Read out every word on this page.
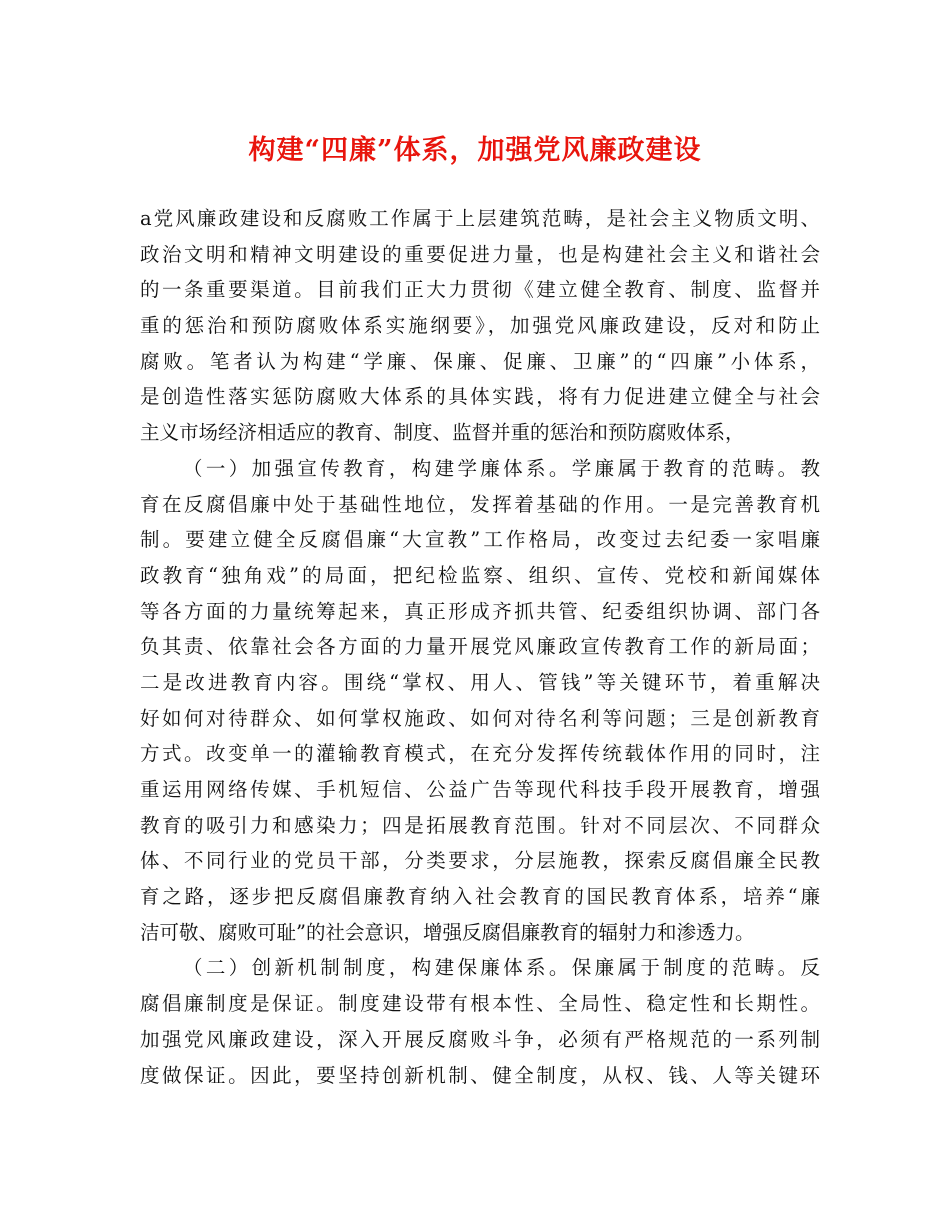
构建“四廉”体系，加强党风廉政建设
a党风廉政建设和反腐败工作属于上层建筑范畴，是社会主义物质文明、
政治文明和精神文明建设的重要促进力量，也是构建社会主义和谐社会
的一条重要渠道。目前我们正大力贯彻《建立健全教育、制度、监督并
重的惩治和预防腐败体系实施纲要》，加强党风廉政建设，反对和防止
腐败。笔者认为构建“学廉、保廉、促廉、卫廉”的“四廉”小体系，
是创造性落实惩防腐败大体系的具体实践，将有力促进建立健全与社会
主义市场经济相适应的教育、制度、监督并重的惩治和预防腐败体系，
（一）加强宣传教育，构建学廉体系。学廉属于教育的范畴。教
育在反腐倡廉中处于基础性地位，发挥着基础的作用。一是完善教育机
制。要建立健全反腐倡廉“大宣教”工作格局，改变过去纪委一家唱廉
政教育“独角戏”的局面，把纪检监察、组织、宣传、党校和新闻媒体
等各方面的力量统筹起来，真正形成齐抓共管、纪委组织协调、部门各
负其责、依靠社会各方面的力量开展党风廉政宣传教育工作的新局面；
二是改进教育内容。围绕“掌权、用人、管钱”等关键环节，着重解决
好如何对待群众、如何掌权施政、如何对待名利等问题；三是创新教育
方式。改变单一的灌输教育模式，在充分发挥传统载体作用的同时，注
重运用网络传媒、手机短信、公益广告等现代科技手段开展教育，增强
教育的吸引力和感染力；四是拓展教育范围。针对不同层次、不同群众
体、不同行业的党员干部，分类要求，分层施教，探索反腐倡廉全民教
育之路，逐步把反腐倡廉教育纳入社会教育的国民教育体系，培养“廉
洁可敬、腐败可耻”的社会意识，增强反腐倡廉教育的辐射力和渗透力。
（二）创新机制制度，构建保廉体系。保廉属于制度的范畴。反
腐倡廉制度是保证。制度建设带有根本性、全局性、稳定性和长期性。
加强党风廉政建设，深入开展反腐败斗争，必须有严格规范的一系列制
度做保证。因此，要坚持创新机制、健全制度，从权、钱、人等关键环
